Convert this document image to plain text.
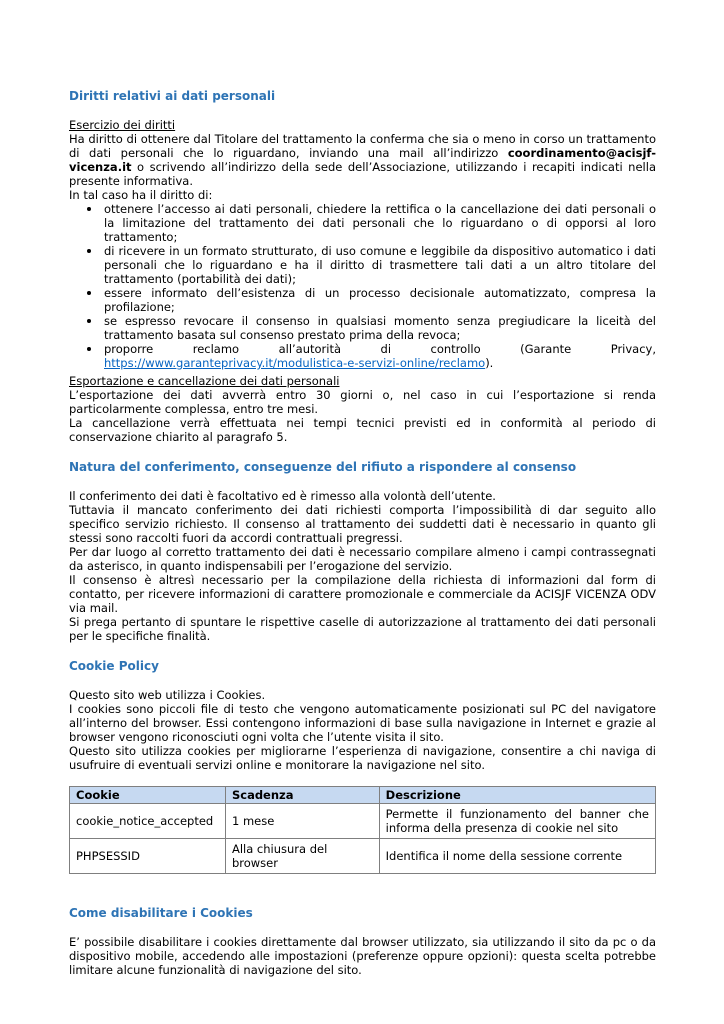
Diritti relativi ai dati personali

Esercizio dei diritti

Ha diritto di ottenere dal Titolare del trattamento la conferma che sia o meno in corso un trattamento di dati personali che lo riguardano, inviando una mail all’indirizzo coordinamento@acisjf-vicenza.it o scrivendo all’indirizzo della sede dell’Associazione, utilizzando i recapiti indicati nella presente informativa.

In tal caso ha il diritto di:

ottenere l’accesso ai dati personali, chiedere la rettifica o la cancellazione dei dati personali o la limitazione del trattamento dei dati personali che lo riguardano o di opporsi al loro trattamento;
di ricevere in un formato strutturato, di uso comune e leggibile da dispositivo automatico i dati personali che lo riguardano e ha il diritto di trasmettere tali dati a un altro titolare del trattamento (portabilità dei dati);
essere informato dell’esistenza di un processo decisionale automatizzato, compresa la profilazione;
se espresso revocare il consenso in qualsiasi momento senza pregiudicare la liceità del trattamento basata sul consenso prestato prima della revoca;
proporre reclamo all’autorità di controllo (Garante Privacy, https://www.garanteprivacy.it/modulistica-e-servizi-online/reclamo).

Esportazione e cancellazione dei dati personali

L’esportazione dei dati avverrà entro 30 giorni o, nel caso in cui l’esportazione si renda particolarmente complessa, entro tre mesi.

La cancellazione verrà effettuata nei tempi tecnici previsti ed in conformità al periodo di conservazione chiarito al paragrafo 5.

Natura del conferimento, conseguenze del rifiuto a rispondere al consenso

Il conferimento dei dati è facoltativo ed è rimesso alla volontà dell’utente.

Tuttavia il mancato conferimento dei dati richiesti comporta l’impossibilità di dar seguito allo specifico servizio richiesto. Il consenso al trattamento dei suddetti dati è necessario in quanto gli stessi sono raccolti fuori da accordi contrattuali pregressi.

Per dar luogo al corretto trattamento dei dati è necessario compilare almeno i campi contrassegnati da asterisco, in quanto indispensabili per l’erogazione del servizio.

Il consenso è altresì necessario per la compilazione della richiesta di informazioni dal form di contatto, per ricevere informazioni di carattere promozionale e commerciale da ACISJF VICENZA ODV via mail.

Si prega pertanto di spuntare le rispettive caselle di autorizzazione al trattamento dei dati personali per le specifiche finalità.

Cookie Policy

Questo sito web utilizza i Cookies.

I cookies sono piccoli file di testo che vengono automaticamente posizionati sul PC del navigatore all’interno del browser. Essi contengono informazioni di base sulla navigazione in Internet e grazie al browser vengono riconosciuti ogni volta che l’utente visita il sito.

Questo sito utilizza cookies per migliorarne l’esperienza di navigazione, consentire a chi naviga di usufruire di eventuali servizi online e monitorare la navigazione nel sito.

Cookie	Scadenza	Descrizione
cookie_notice_accepted	1 mese	Permette il funzionamento del banner che informa della presenza di cookie nel sito
PHPSESSID	Alla chiusura del browser	Identifica il nome della sessione corrente
Come disabilitare i Cookies

E’ possibile disabilitare i cookies direttamente dal browser utilizzato, sia utilizzando il sito da pc o da dispositivo mobile, accedendo alle impostazioni (preferenze oppure opzioni): questa scelta potrebbe limitare alcune funzionalità di navigazione del sito.
